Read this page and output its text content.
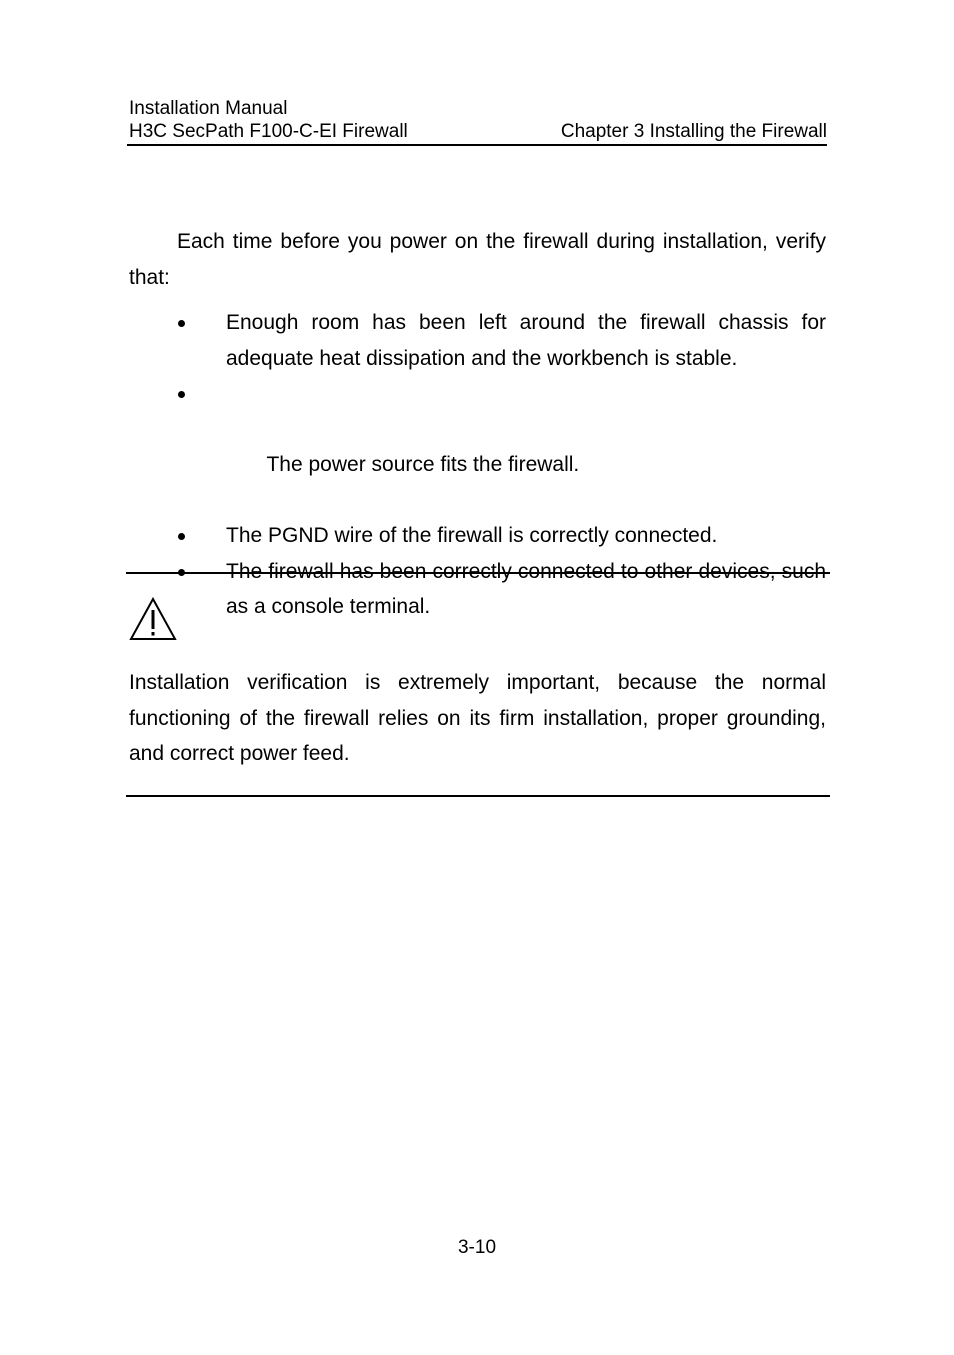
Installation Manual
H3C SecPath F100-C-EI Firewall	Chapter 3 Installing the Firewall

Each time before you power on the firewall during installation, verify that:

Enough room has been left around the firewall chassis for adequate heat dissipation and the workbench is stable.

The power source fits the firewall.

The PGND wire of the firewall is correctly connected.
The firewall has been correctly connected to other devices, such as a console terminal.

Installation verification is extremely important, because the normal functioning of the firewall relies on its firm installation, proper grounding, and correct power feed.

3-10
